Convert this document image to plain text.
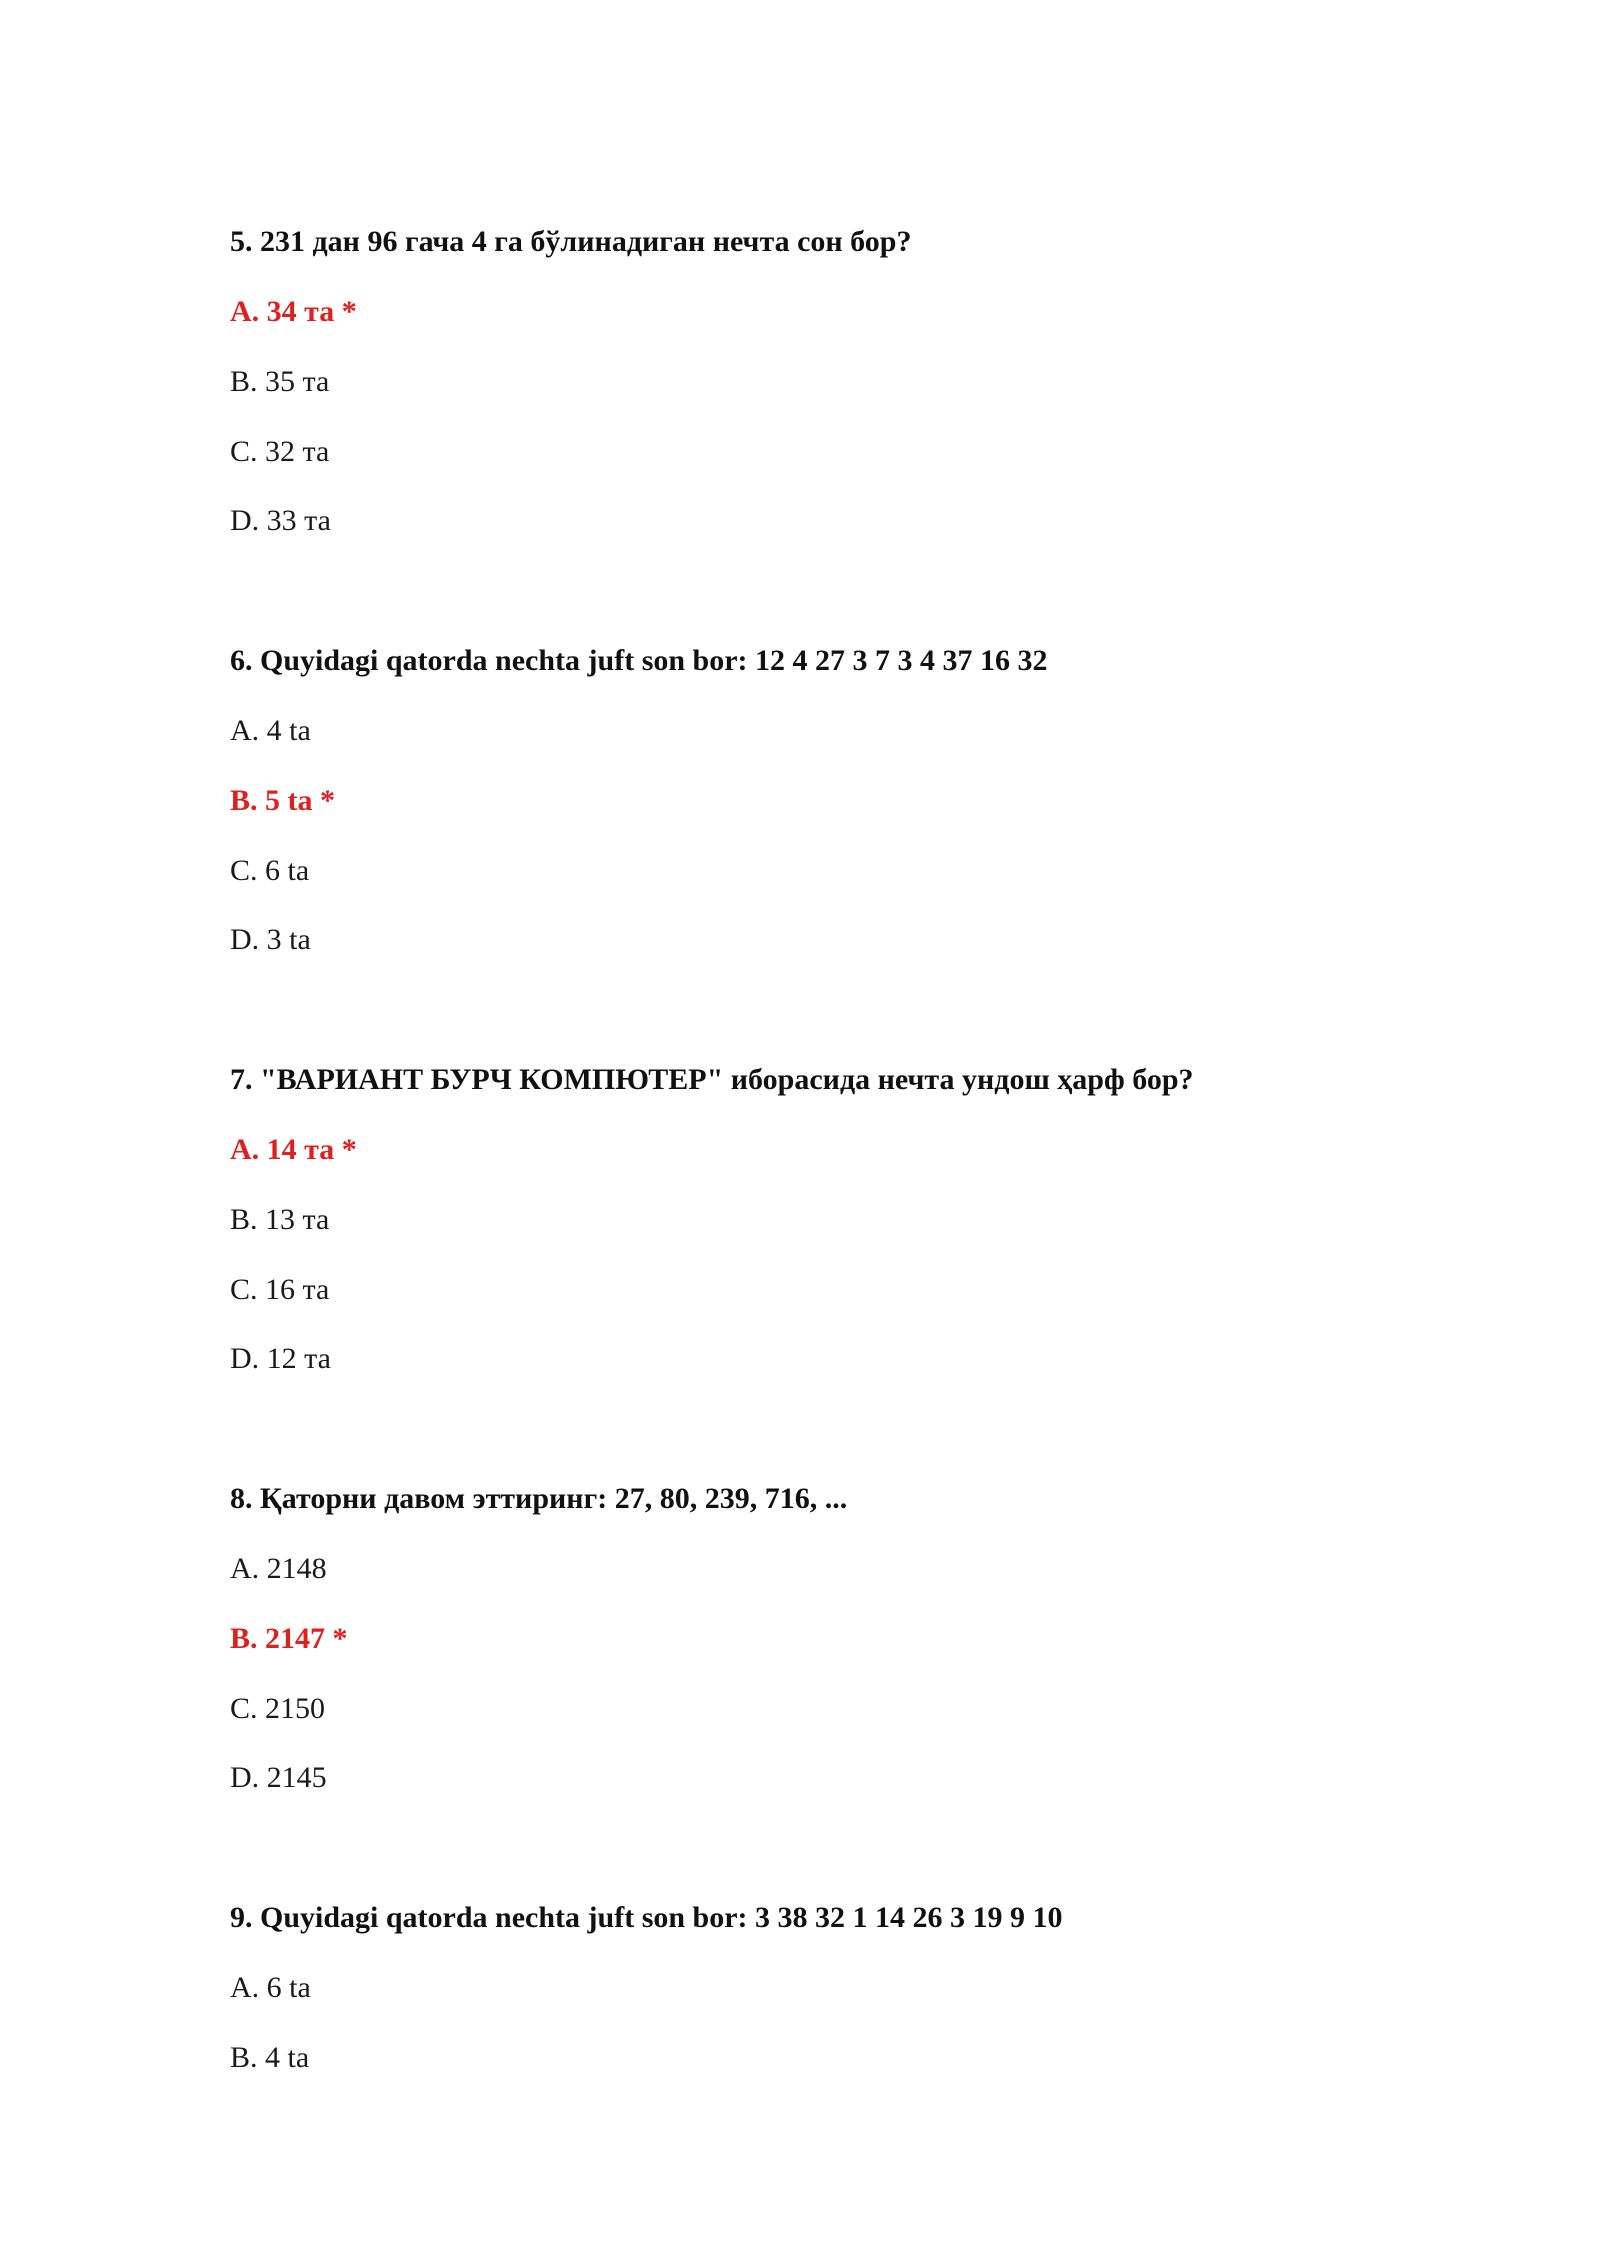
5. 231 дан 96 гача 4 га бўлинадиган нечта сон бор?
A. 34 та *
B. 35 та
C. 32 та
D. 33 та
6. Quyidagi qatorda nechta juft son bor: 12 4 27 3 7 3 4 37 16 32
A. 4 ta
B. 5 ta *
C. 6 ta
D. 3 ta
7. "ВАРИАНТ БУРЧ КОМПЮТЕР" иборасида нечта ундош ҳарф бор?
A. 14 та *
B. 13 та
C. 16 та
D. 12 та
8. Қаторни давом эттиринг: 27, 80, 239, 716, ...
A. 2148
B. 2147 *
C. 2150
D. 2145
9. Quyidagi qatorda nechta juft son bor: 3 38 32 1 14 26 3 19 9 10
A. 6 ta
B. 4 ta
